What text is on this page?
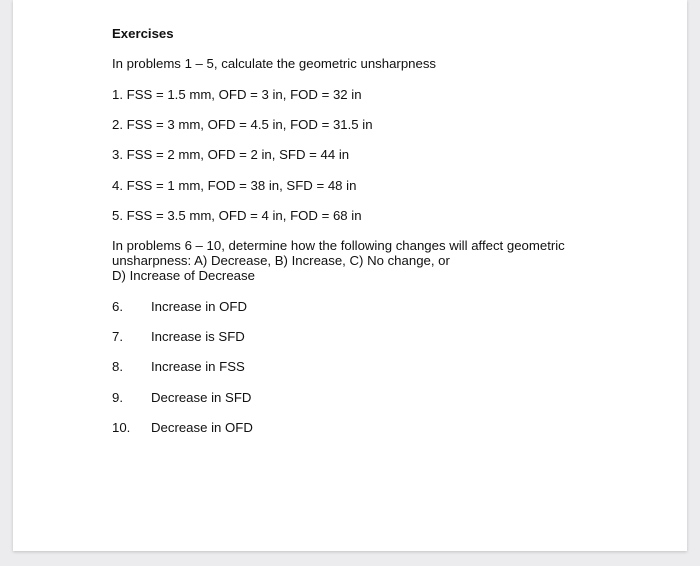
Exercises
In problems 1 – 5, calculate the geometric unsharpness
1. FSS = 1.5 mm, OFD = 3 in, FOD = 32 in
2. FSS = 3 mm, OFD = 4.5 in, FOD = 31.5 in
3. FSS = 2 mm, OFD = 2 in, SFD = 44 in
4. FSS = 1 mm, FOD = 38 in, SFD = 48 in
5. FSS = 3.5 mm, OFD = 4 in, FOD = 68 in
In problems 6 – 10, determine how the following changes will affect geometric
unsharpness: A) Decrease, B) Increase, C) No change, or
D) Increase of Decrease
6. Increase in OFD
7. Increase is SFD
8. Increase in FSS
9. Decrease in SFD
10. Decrease in OFD
